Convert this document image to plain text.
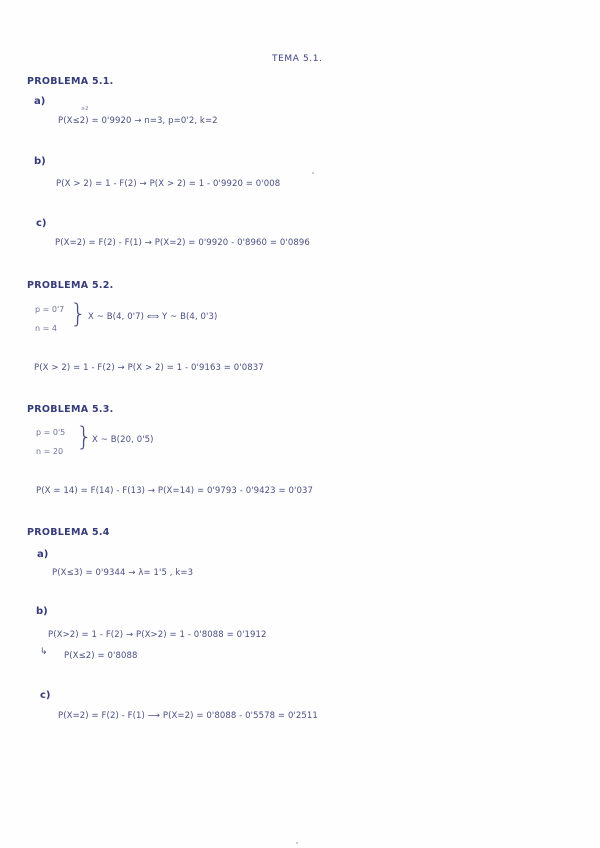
TEMA 5.1.
PROBLEMA 5.1.
a)
≥2
P(X≤2) = 0'9920 → n=3, p=0'2, k=2
b)
P(X > 2) = 1 - F(2) → P(X > 2) = 1 - 0'9920 = 0'008
c)
P(X=2) = F(2) - F(1) → P(X=2) = 0'9920 - 0'8960 = 0'0896
PROBLEMA 5.2.
p = 0'7
n = 4 } X ~ B(4, 0'7) ⟺ Y ~ B(4, 0'3)
P(X > 2) = 1 - F(2) → P(X > 2) = 1 - 0'9163 = 0'0837
PROBLEMA 5.3.
p = 0'5
n = 20 } X ~ B(20, 0'5)
P(X = 14) = F(14) - F(13) → P(X=14) = 0'9793 - 0'9423 = 0'037
PROBLEMA 5.4
a)
P(X≤3) = 0'9344 → λ= 1'5 , k=3
b)
P(X>2) = 1 - F(2) → P(X>2) = 1 - 0'8088 = 0'1912
↳ P(X≤2) = 0'8088
c)
P(X=2) = F(2) - F(1) ⟶ P(X=2) = 0'8088 - 0'5578 = 0'2511
